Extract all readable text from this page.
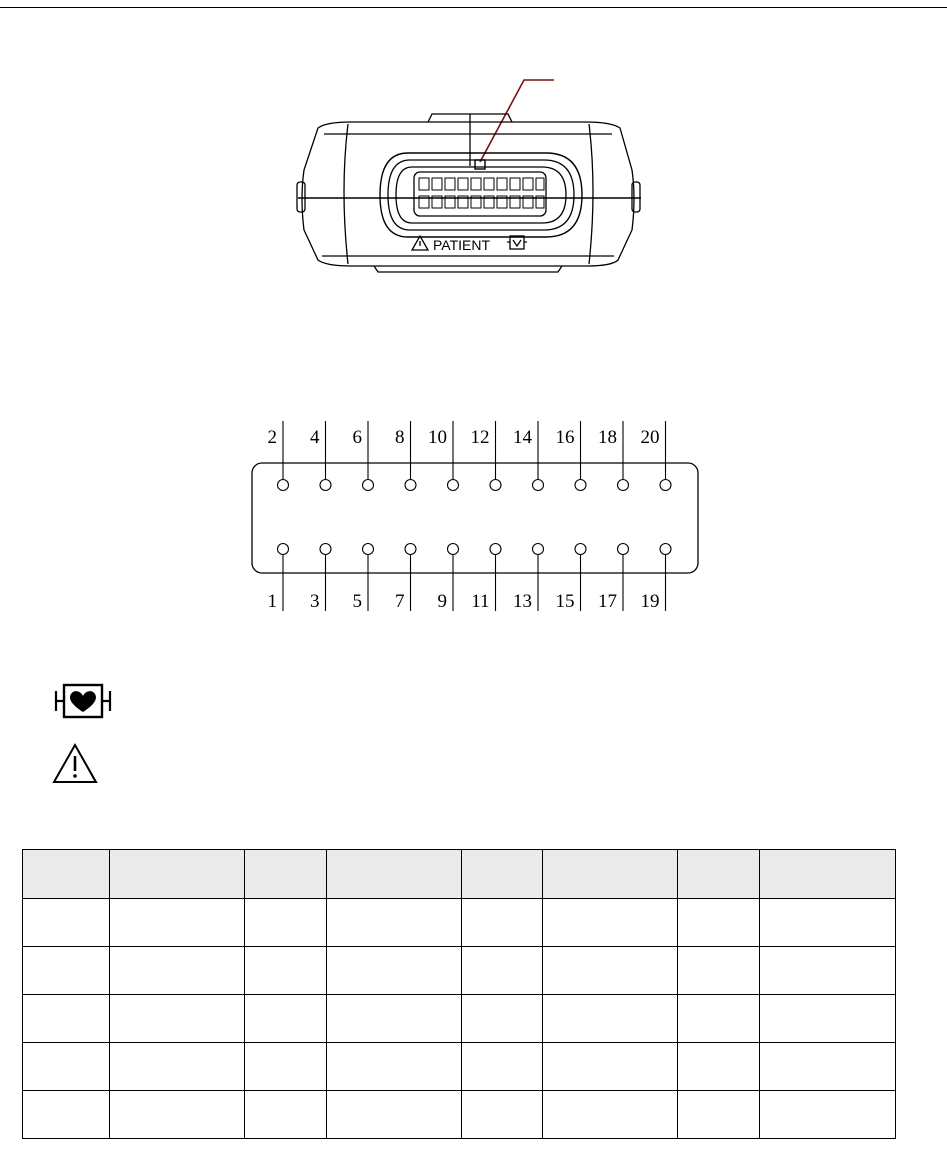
PATIENT
2 4 6 8 10 12 14 16 18 20
1 3 5 7 9 11 13 15 17 19
